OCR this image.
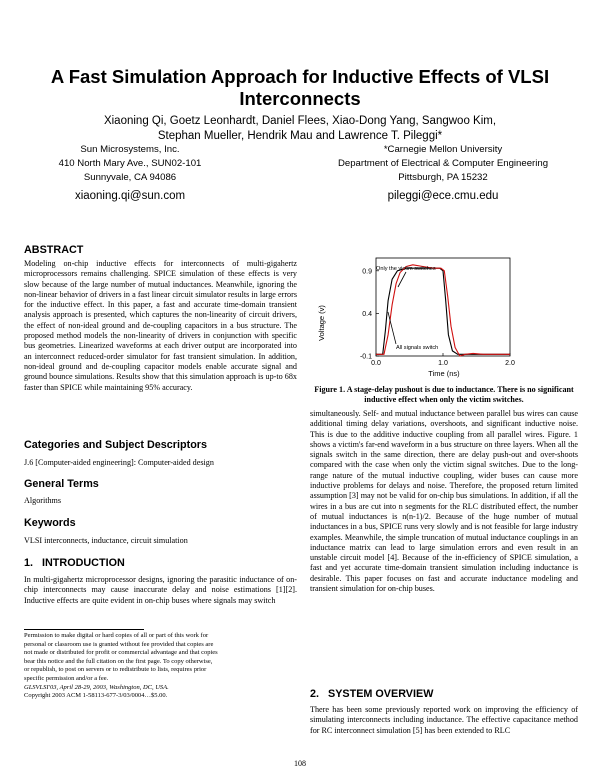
A Fast Simulation Approach for Inductive Effects of VLSI Interconnects
Xiaoning Qi, Goetz Leonhardt, Daniel Flees, Xiao-Dong Yang, Sangwoo Kim,
Stephan Mueller, Hendrik Mau and Lawrence T. Pileggi*
Sun Microsystems, Inc.
410 North Mary Ave., SUN02-101
Sunnyvale, CA 94086
xiaoning.qi@sun.com
*Carnegie Mellon University
Department of Electrical & Computer Engineering
Pittsburgh, PA 15232
pileggi@ece.cmu.edu
ABSTRACT
Modeling on-chip inductive effects for interconnects of multi-gigahertz microprocessors remains challenging. SPICE simulation of these effects is very slow because of the large number of mutual inductances. Meanwhile, ignoring the non-linear behavior of drivers in a fast linear circuit simulator results in large errors for the inductive effect. In this paper, a fast and accurate time-domain transient analysis approach is presented, which captures the non-linearity of circuit drivers, the effect of non-ideal ground and de-coupling capacitors in a bus structure. The proposed method models the non-linearity of drivers in conjunction with specific bus geometries. Linearized waveforms at each driver output are incorporated into an interconnect reduced-order simulator for fast transient simulation. In addition, non-ideal ground and de-coupling capacitor models enable accurate signal and ground bounce simulations. Results show that this simulation approach is up-to 68x faster than SPICE while maintaining 95% accuracy.
Categories and Subject Descriptors
J.6 [Computer-aided engineering]: Computer-aided design
General Terms
Algorithms
Keywords
VLSI interconnects, inductance, circuit simulation
1.   INTRODUCTION
In multi-gigahertz microprocessor designs, ignoring the parasitic inductance of on-chip interconnects may cause inaccurate delay and noise estimations [1][2]. Inductive effects are quite evident in on-chip buses where signals may switch
Permission to make digital or hard copies of all or part of this work for
personal or classroom use is granted without fee provided that copies are
not made or distributed for profit or commercial advantage and that copies
bear this notice and the full citation on the first page. To copy otherwise,
or republish, to post on servers or to redistribute to lists, requires prior
specific permission and/or a fee.
GLSVLSI'03, April 28-29, 2003, Washington, DC, USA.
Copyright 2003 ACM 1-58113-677-3/03/0004…$5.00.
-0.1
0.4
0.9
0.0	1.0	2.0
Voltage (v)
Time (ns)
Only the victim switches
All signals switch
Figure 1. A stage-delay pushout is due to inductance. There is no significant inductive effect when only the victim switches.
simultaneously. Self- and mutual inductance between parallel bus wires can cause additional timing delay variations, overshoots, and significant inductive noise. This is due to the additive inductive coupling from all parallel wires. Figure. 1 shows a victim's far-end waveform in a bus structure on three layers. When all the signals switch in the same direction, there are delay push-out and over-shoots compared with the case when only the victim signal switches. Due to the long-range nature of the mutual inductive coupling, wider buses can cause more inductive problems for delays and noise. Therefore, the proposed return limited assumption [3] may not be valid for on-chip bus simulations. In addition, if all the wires in a bus are cut into n segments for the RLC distributed effect, the number of mutual inductances is n(n-1)/2. Because of the huge number of mutual inductances in a bus, SPICE runs very slowly and is not feasible for large industry examples. Meanwhile, the simple truncation of mutual inductance couplings in an inductance matrix can lead to large simulation errors and even result in an unstable circuit model [4]. Because of the in-efficiency of SPICE simulation, a fast and yet accurate time-domain transient simulation including inductance is desirable. This paper focuses on fast and accurate inductance modeling and transient simulation for on-chip buses.
2.   SYSTEM OVERVIEW
There has been some previously reported work on improving the efficiency of simulating interconnects including inductance. The effective capacitance method for RC interconnect simulation [5] has been extended to RLC
108
